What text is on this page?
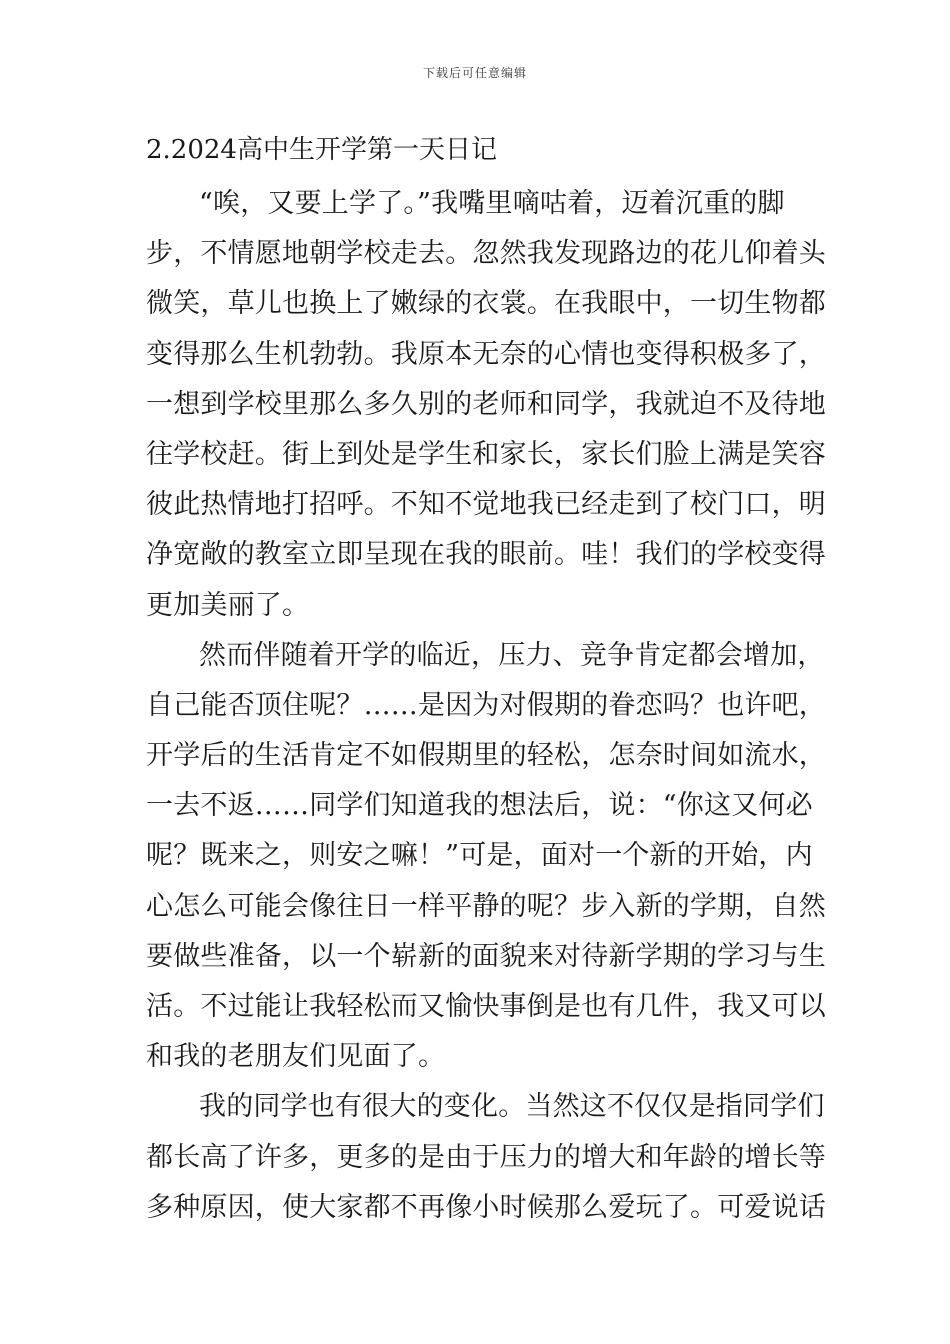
下载后可任意编辑
2.2024高中生开学第一天日记
“唉，又要上学了。”我嘴里嘀咕着，迈着沉重的脚
步，不情愿地朝学校走去。忽然我发现路边的花儿仰着头
微笑，草儿也换上了嫩绿的衣裳。在我眼中，一切生物都
变得那么生机勃勃。我原本无奈的心情也变得积极多了，
一想到学校里那么多久别的老师和同学，我就迫不及待地
往学校赶。街上到处是学生和家长，家长们脸上满是笑容
彼此热情地打招呼。不知不觉地我已经走到了校门口，明
净宽敞的教室立即呈现在我的眼前。哇！我们的学校变得
更加美丽了。
然而伴随着开学的临近，压力、竞争肯定都会增加，
自己能否顶住呢？……是因为对假期的眷恋吗？也许吧，
开学后的生活肯定不如假期里的轻松，怎奈时间如流水，
一去不返……同学们知道我的想法后，说：“你这又何必
呢？既来之，则安之嘛！”可是，面对一个新的开始，内
心怎么可能会像往日一样平静的呢？步入新的学期，自然
要做些准备，以一个崭新的面貌来对待新学期的学习与生
活。不过能让我轻松而又愉快事倒是也有几件，我又可以
和我的老朋友们见面了。
我的同学也有很大的变化。当然这不仅仅是指同学们
都长高了许多，更多的是由于压力的增大和年龄的增长等
多种原因，使大家都不再像小时候那么爱玩了。可爱说话
